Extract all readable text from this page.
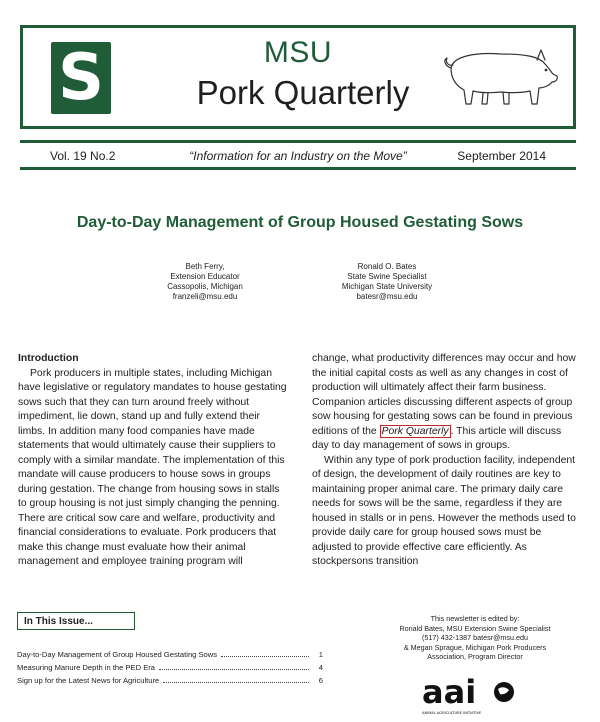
S	MSU
Pork Quarterly
Vol. 19 No.2	“Information for an Industry on the Move”	September 2014
Day-to-Day Management of Group Housed Gestating Sows
Beth Ferry,
Extension Educator
Cassopolis, Michigan
franzeli@msu.edu
Ronald O. Bates
State Swine Specialist
Michigan State University
batesr@msu.edu

Introduction

Pork producers in multiple states, including Michigan have legislative or regulatory mandates to house gestating sows such that they can turn around freely without impediment, lie down, stand up and fully extend their limbs. In addition many food companies have made statements that would ultimately cause their suppliers to comply with a similar mandate. The implementation of this mandate will cause producers to house sows in groups during gestation. The change from housing sows in stalls to group housing is not just simply changing the penning. There are critical sow care and welfare, productivity and financial considerations to evaluate. Pork producers that make this change must evaluate how their animal management and employee training program will

change, what productivity differences may occur and how the initial capital costs as well as any changes in cost of production will ultimately affect their farm business. Companion articles discussing different aspects of group sow housing for gestating sows can be found in previous editions of the Pork Quarterly . This article will discuss day to day management of sows in groups.

Within any type of pork production facility, independent of design, the development of daily routines are key to maintaining proper animal care. The primary daily care needs for sows will be the same, regardless if they are housed in stalls or in pens. However the methods used to provide daily care for group housed sows must be adjusted to provide effective care efficiently. As stockpersons transition

In This Issue...
Day-to-Day Management of Group Housed Gestating Sows	1
Measuring Manure Depth in the PED Era	4
Sign up for the Latest News for Agriculture	6
This newsletter is edited by:
Ronald Bates, MSU Extension Swine Specialist
(517) 432-1387 batesr@msu.edu
& Megan Sprague, Michigan Pork Producers
Association, Program Director
aai
ANIMAL AGRICULTURE INITIATIVE
